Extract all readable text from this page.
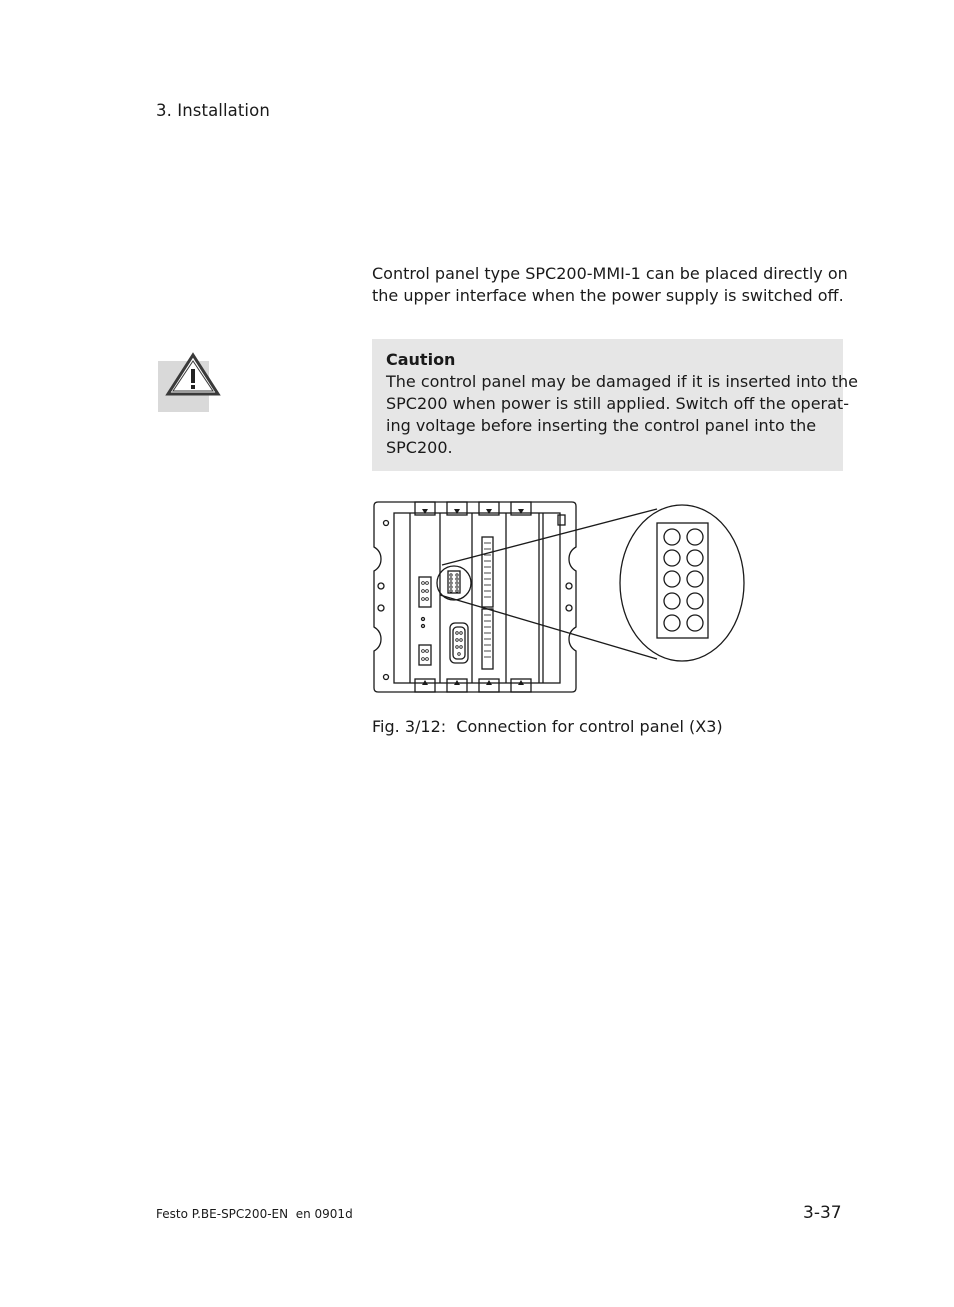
3. Installation

Control panel type SPC200-MMI-1 can be placed directly on

the upper interface when the power supply is switched off.

Caution
The control panel may be damaged if it is inserted into the
SPC200 when power is still applied. Switch off the operat-
ing voltage before inserting the control panel into the
SPC200.
Fig. 3/12:  Connection for control panel (X3)
Festo P.BE-SPC200-EN  en 0901d	3-37
